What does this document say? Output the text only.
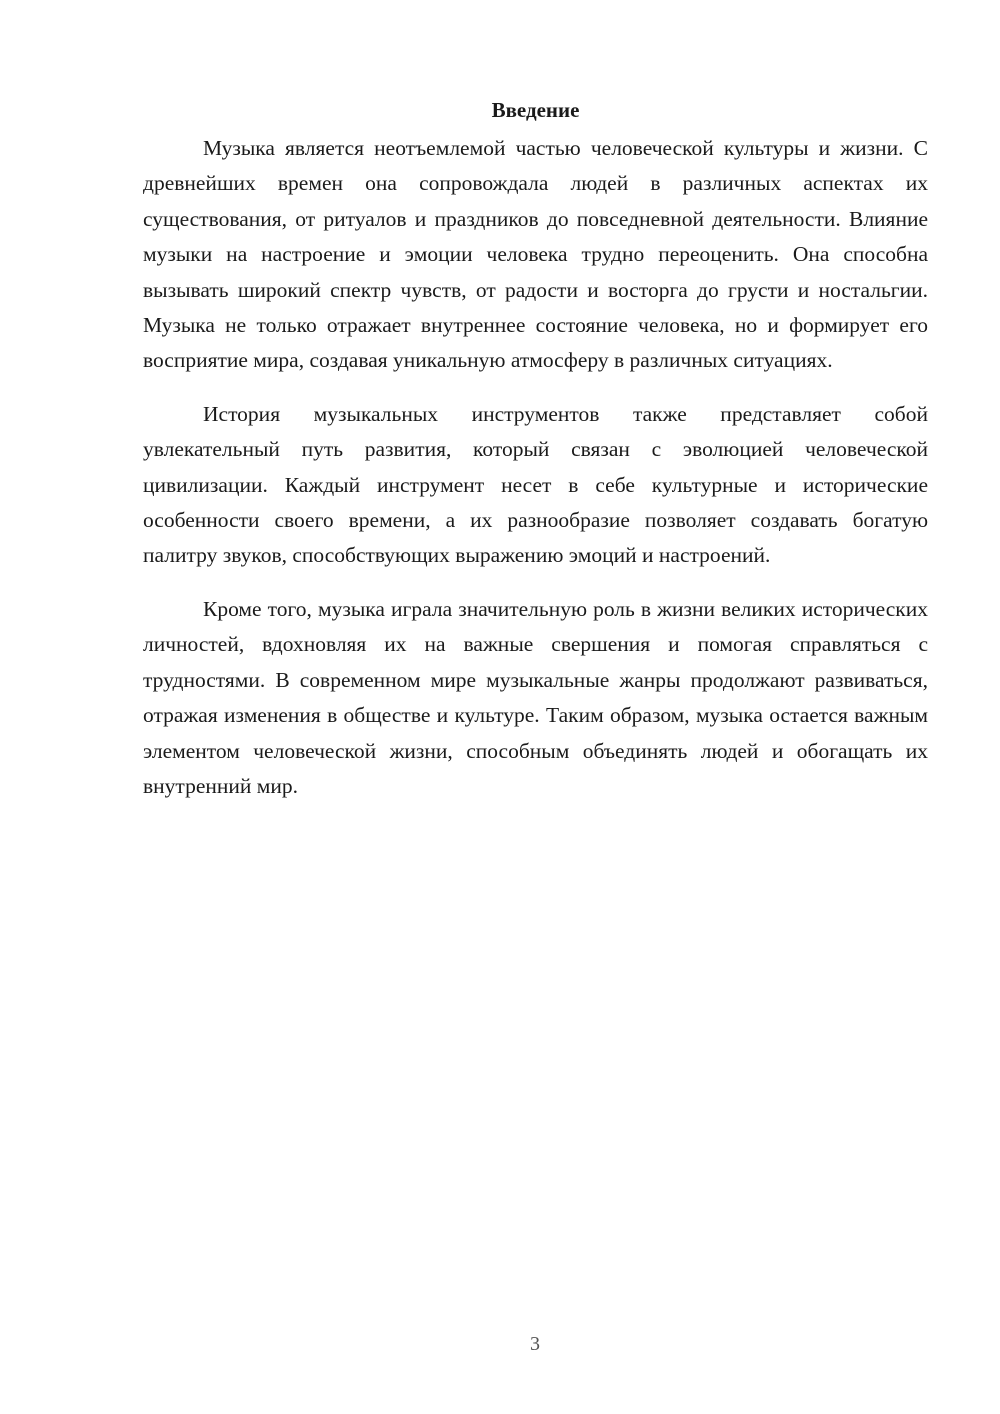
Введение

Музыка является неотъемлемой частью человеческой культуры и жизни. С древнейших времен она сопровождала людей в различных аспектах их существования, от ритуалов и праздников до повседневной деятельности. Влияние музыки на настроение и эмоции человека трудно переоценить. Она способна вызывать широкий спектр чувств, от радости и восторга до грусти и ностальгии. Музыка не только отражает внутреннее состояние человека, но и формирует его восприятие мира, создавая уникальную атмосферу в различных ситуациях.

История музыкальных инструментов также представляет собой увлекательный путь развития, который связан с эволюцией человеческой цивилизации. Каждый инструмент несет в себе культурные и исторические особенности своего времени, а их разнообразие позволяет создавать богатую палитру звуков, способствующих выражению эмоций и настроений.

Кроме того, музыка играла значительную роль в жизни великих исторических личностей, вдохновляя их на важные свершения и помогая справляться с трудностями. В современном мире музыкальные жанры продолжают развиваться, отражая изменения в обществе и культуре. Таким образом, музыка остается важным элементом человеческой жизни, способным объединять людей и обогащать их внутренний мир.

3
